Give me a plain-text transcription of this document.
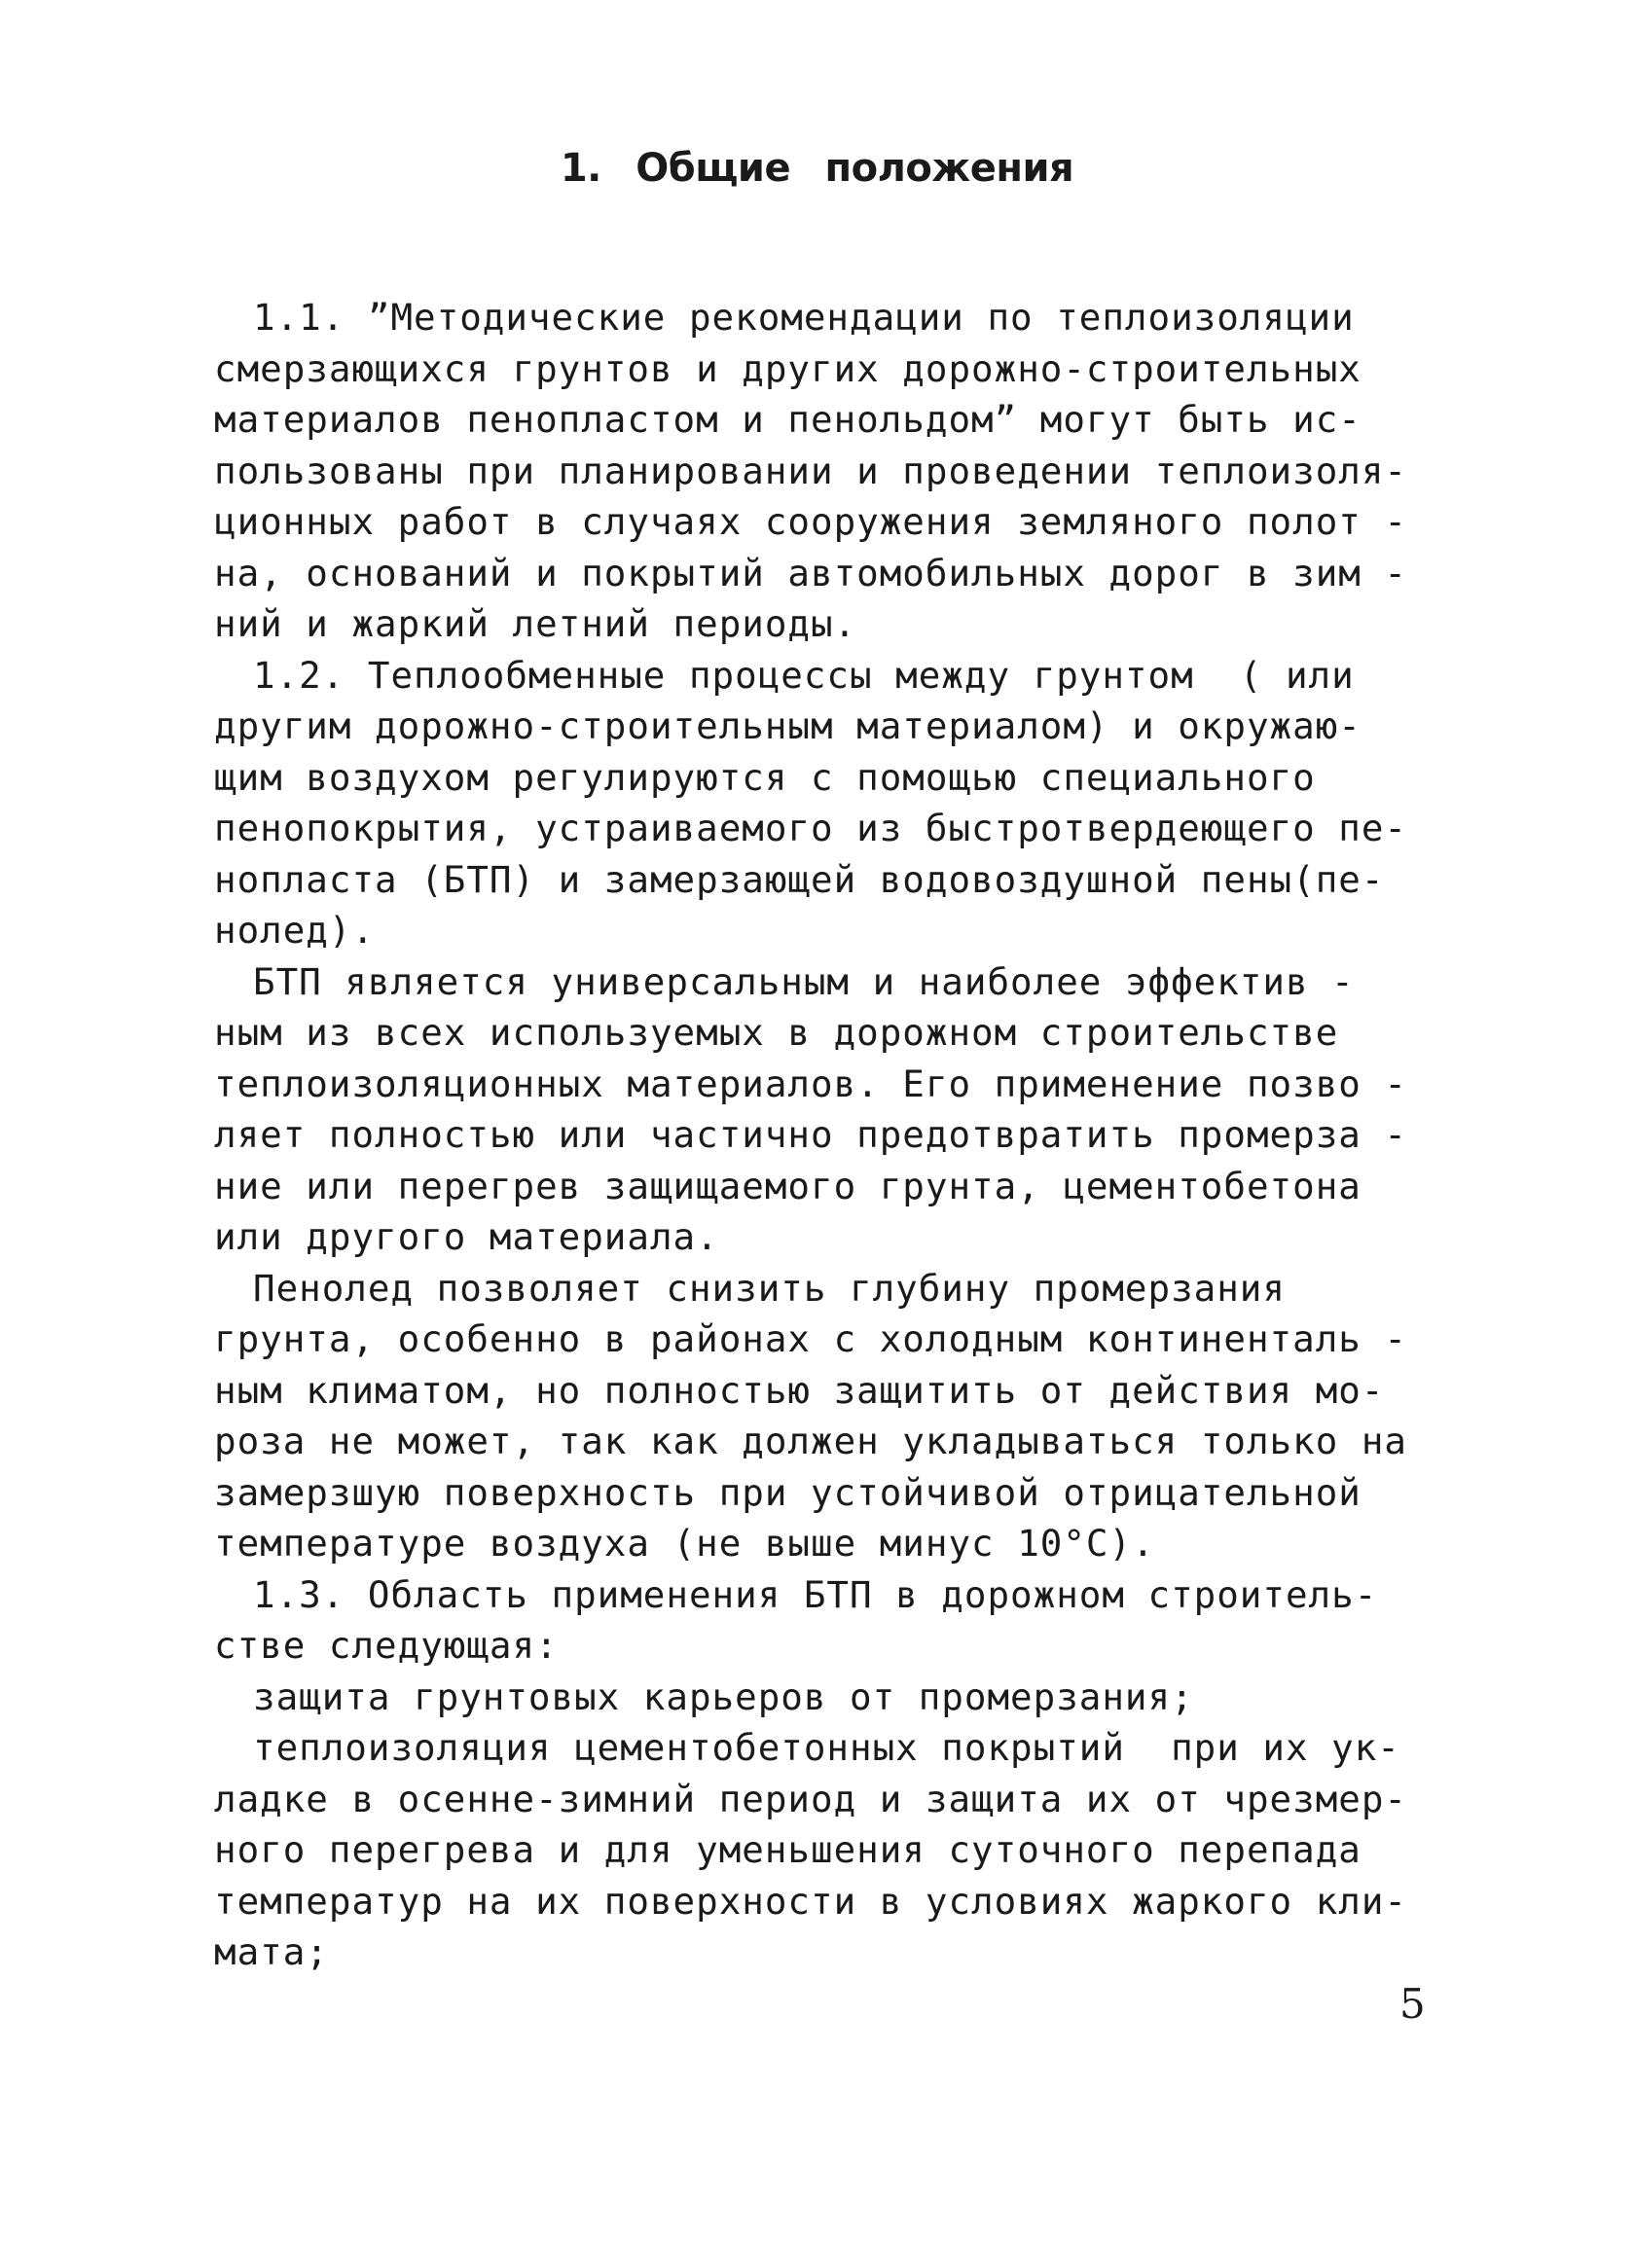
1. Общие положения
1.1. ”Методические рекомендации по теплоизоляции
смерзающихся грунтов и других дорожно-строительных
материалов пенопластом и пенольдом” могут быть ис-
пользованы при планировании и проведении теплоизоля-
ционных работ в случаях сооружения земляного полот -
на, оснований и покрытий автомобильных дорог в зим -
ний и жаркий летний периоды.
1.2. Теплообменные процессы между грунтом  ( или
другим дорожно-строительным материалом) и окружаю-
щим воздухом регулируются с помощью специального
пенопокрытия, устраиваемого из быстротвердеющего пе-
нопласта (БТП) и замерзающей водовоздушной пены(пе-
нолед).
БТП является универсальным и наиболее эффектив -
ным из всех используемых в дорожном строительстве
теплоизоляционных материалов. Его применение позво -
ляет полностью или частично предотвратить промерза -
ние или перегрев защищаемого грунта, цементобетона
или другого материала.
Пенолед позволяет снизить глубину промерзания
грунта, особенно в районах с холодным континенталь -
ным климатом, но полностью защитить от действия мо-
роза не может, так как должен укладываться только на
замерзшую поверхность при устойчивой отрицательной
температуре воздуха (не выше минус 10°С).
1.3. Область применения БТП в дорожном строитель-
стве следующая:
защита грунтовых карьеров от промерзания;
теплоизоляция цементобетонных покрытий  при их ук-
ладке в осенне-зимний период и защита их от чрезмер-
ного перегрева и для уменьшения суточного перепада
температур на их поверхности в условиях жаркого кли-
мата;
5
